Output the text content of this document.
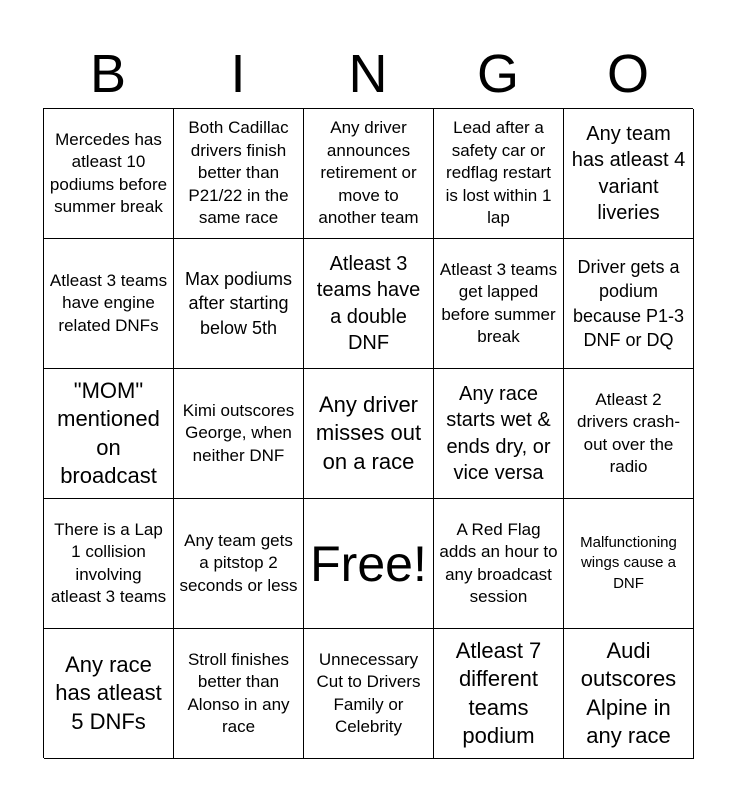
B	I	N	G	O
Mercedes has atleast 10 podiums before summer break
Both Cadillac drivers finish better than P21/22 in the same race
Any driver announces retirement or move to another team
Lead after a safety car or redflag restart is lost within 1 lap
Any team has atleast 4 variant liveries
Atleast 3 teams have engine related DNFs
Max podiums after starting below 5th
Atleast 3 teams have a double DNF
Atleast 3 teams get lapped before summer break
Driver gets a podium because P1-3 DNF or DQ
"MOM" mentioned on broadcast
Kimi outscores George, when neither DNF
Any driver misses out on a race
Any race starts wet & ends dry, or vice versa
Atleast 2 drivers crash-out over the radio
There is a Lap 1 collision involving atleast 3 teams
Any team gets a pitstop 2 seconds or less Free!
A Red Flag adds an hour to any broadcast session
Malfunctioning wings cause a DNF
Any race has atleast 5 DNFs
Stroll finishes better than Alonso in any race
Unnecessary Cut to Drivers Family or Celebrity
Atleast 7 different teams podium
Audi outscores Alpine in any race
